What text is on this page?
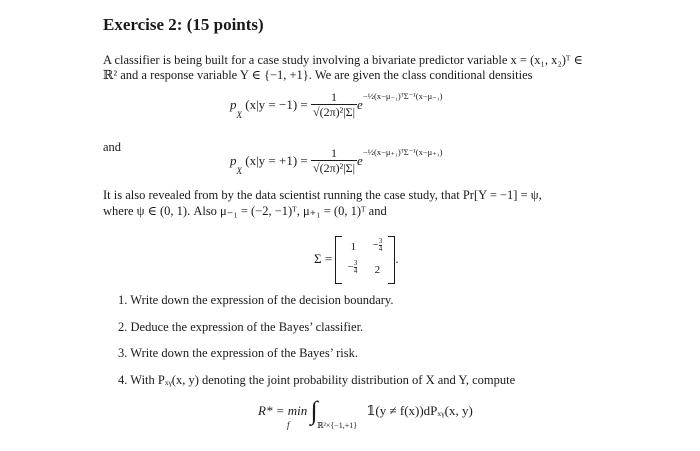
Exercise 2: (15 points)
A classifier is being built for a case study involving a bivariate predictor variable x = (x₁, x₂)ᵀ ∈
ℝ² and a response variable Y ∈ {−1, +1}. We are given the class conditional densities
pX $(x|y = -1) = \frac{1}{\text{√(2π)²|Σ|}} e^{-\frac{1}{2}(x-\mu_{-1})ᵀ\Sigma^{-1}(x-\mu_{-1})}$
and
pX $(x|y = +1) = \frac{1}{\text{√(2π)²|Σ|}} e^{-\frac{1}{2}(x-\mu_{+1})ᵀ\Sigma^{-1}(x-\mu_{+1})}$
It is also revealed from by the data scientist running the case study, that Pr[Y = −1] = ψ,
where ψ ∈ (0, 1). Also μ₋₁ = (−2, −1)ᵀ, μ₊₁ = (0, 1)ᵀ and
Σ =
1	− $\frac{3}{4}$
− $\frac{3}{4}$	2
.
1. Write down the expression of the decision boundary.
2. Deduce the expression of the Bayes’ classifier.
3. Write down the expression of the Bayes’ risk.
4. With Pₓᵧ(x, y) denoting the joint probability distribution of X and Y, compute
R* = min ∫ ℝ²×{−1,+1} 𝟙(y ≠ f(x))dPₓᵧ(x, y)
f
